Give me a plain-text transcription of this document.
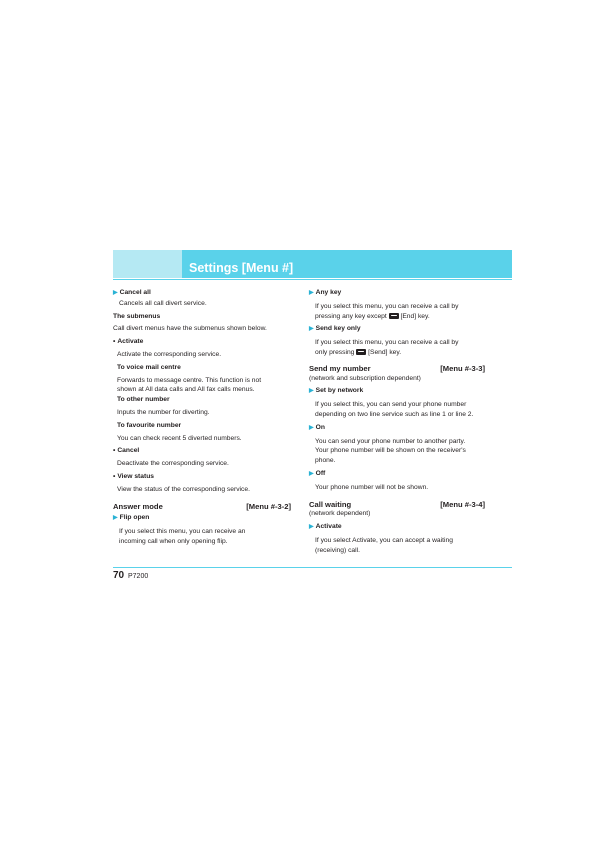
Settings [Menu #]
▶ Cancel all
Cancels all call divert service.
The submenus
Call divert menus have the submenus shown below.
• Activate
Activate the corresponding service.
To voice mail centre
Forwards to message centre. This function is not
shown at All data calls and All fax calls menus.
To other number
Inputs the number for diverting.
To favourite number
You can check recent 5 diverted numbers.
• Cancel
Deactivate the corresponding service.
• View status
View the status of the corresponding service.
Answer mode	[Menu #-3-2]
▶ Flip open
If you select this menu, you can receive an
incoming call when only opening flip.
▶ Any key
If you select this menu, you can receive a call by
pressing any key except [End] key.
▶ Send key only
If you select this menu, you can receive a call by
only pressing [Send] key.
Send my number	[Menu #-3-3]
(network and subscription dependent)
▶ Set by network
If you select this, you can send your phone number
depending on two line service such as line 1 or line 2.
▶ On
You can send your phone number to another party.
Your phone number will be shown on the receiver's
phone.
▶ Off
Your phone number will not be shown.
Call waiting	[Menu #-3-4]
(network dependent)
▶ Activate
If you select Activate, you can accept a waiting
(receiving) call.
70 P7200
